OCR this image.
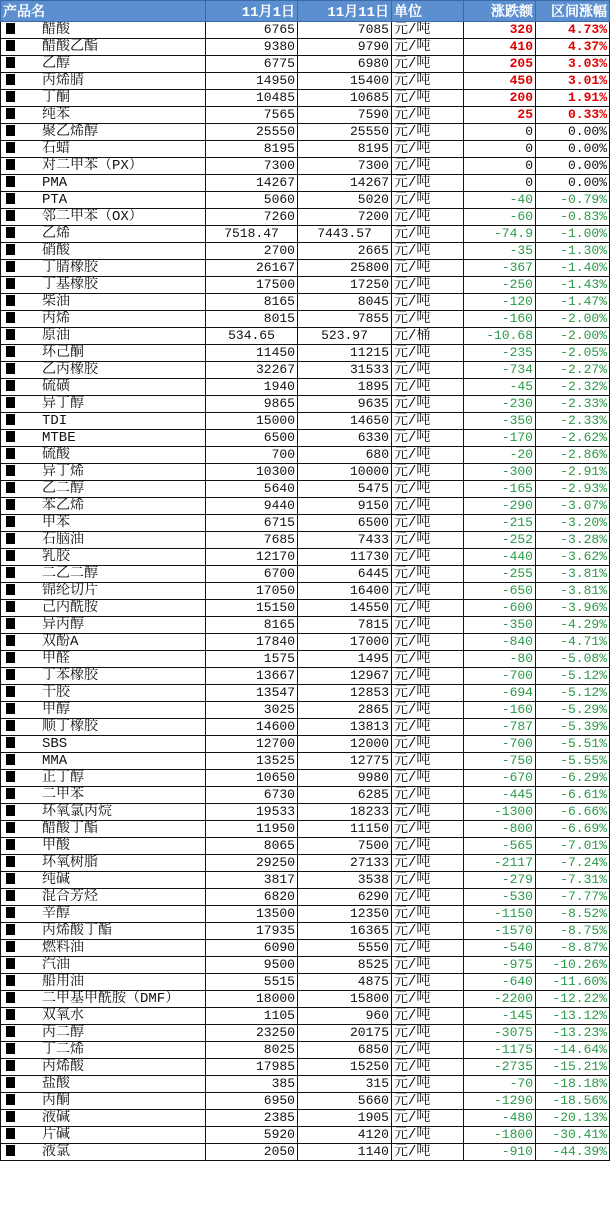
产品名	11月1日	11月11日	单位	涨跌额	区间涨幅
醋酸	6765	7085	元/吨	320	4.73%
醋酸乙酯	9380	9790	元/吨	410	4.37%
乙醇	6775	6980	元/吨	205	3.03%
丙烯腈	14950	15400	元/吨	450	3.01%
丁酮	10485	10685	元/吨	200	1.91%
纯苯	7565	7590	元/吨	25	0.33%
聚乙烯醇	25550	25550	元/吨	0	0.00%
石蜡	8195	8195	元/吨	0	0.00%
对二甲苯（PX）	7300	7300	元/吨	0	0.00%
PMA	14267	14267	元/吨	0	0.00%
PTA	5060	5020	元/吨	-40	-0.79%
邻二甲苯（OX）	7260	7200	元/吨	-60	-0.83%
乙烯	7518.47	7443.57	元/吨	-74.9	-1.00%
硝酸	2700	2665	元/吨	-35	-1.30%
丁腈橡胶	26167	25800	元/吨	-367	-1.40%
丁基橡胶	17500	17250	元/吨	-250	-1.43%
柴油	8165	8045	元/吨	-120	-1.47%
丙烯	8015	7855	元/吨	-160	-2.00%
原油	534.65	523.97	元/桶	-10.68	-2.00%
环己酮	11450	11215	元/吨	-235	-2.05%
乙丙橡胶	32267	31533	元/吨	-734	-2.27%
硫磺	1940	1895	元/吨	-45	-2.32%
异丁醇	9865	9635	元/吨	-230	-2.33%
TDI	15000	14650	元/吨	-350	-2.33%
MTBE	6500	6330	元/吨	-170	-2.62%
硫酸	700	680	元/吨	-20	-2.86%
异丁烯	10300	10000	元/吨	-300	-2.91%
乙二醇	5640	5475	元/吨	-165	-2.93%
苯乙烯	9440	9150	元/吨	-290	-3.07%
甲苯	6715	6500	元/吨	-215	-3.20%
石脑油	7685	7433	元/吨	-252	-3.28%
乳胶	12170	11730	元/吨	-440	-3.62%
二乙二醇	6700	6445	元/吨	-255	-3.81%
锦纶切片	17050	16400	元/吨	-650	-3.81%
己内酰胺	15150	14550	元/吨	-600	-3.96%
异丙醇	8165	7815	元/吨	-350	-4.29%
双酚A	17840	17000	元/吨	-840	-4.71%
甲醛	1575	1495	元/吨	-80	-5.08%
丁苯橡胶	13667	12967	元/吨	-700	-5.12%
干胶	13547	12853	元/吨	-694	-5.12%
甲醇	3025	2865	元/吨	-160	-5.29%
顺丁橡胶	14600	13813	元/吨	-787	-5.39%
SBS	12700	12000	元/吨	-700	-5.51%
MMA	13525	12775	元/吨	-750	-5.55%
正丁醇	10650	9980	元/吨	-670	-6.29%
二甲苯	6730	6285	元/吨	-445	-6.61%
环氧氯丙烷	19533	18233	元/吨	-1300	-6.66%
醋酸丁酯	11950	11150	元/吨	-800	-6.69%
甲酸	8065	7500	元/吨	-565	-7.01%
环氧树脂	29250	27133	元/吨	-2117	-7.24%
纯碱	3817	3538	元/吨	-279	-7.31%
混合芳烃	6820	6290	元/吨	-530	-7.77%
辛醇	13500	12350	元/吨	-1150	-8.52%
丙烯酸丁酯	17935	16365	元/吨	-1570	-8.75%
燃料油	6090	5550	元/吨	-540	-8.87%
汽油	9500	8525	元/吨	-975	-10.26%
船用油	5515	4875	元/吨	-640	-11.60%
二甲基甲酰胺（DMF）	18000	15800	元/吨	-2200	-12.22%
双氧水	1105	960	元/吨	-145	-13.12%
丙二醇	23250	20175	元/吨	-3075	-13.23%
丁二烯	8025	6850	元/吨	-1175	-14.64%
丙烯酸	17985	15250	元/吨	-2735	-15.21%
盐酸	385	315	元/吨	-70	-18.18%
丙酮	6950	5660	元/吨	-1290	-18.56%
液碱	2385	1905	元/吨	-480	-20.13%
片碱	5920	4120	元/吨	-1800	-30.41%
液氯	2050	1140	元/吨	-910	-44.39%
